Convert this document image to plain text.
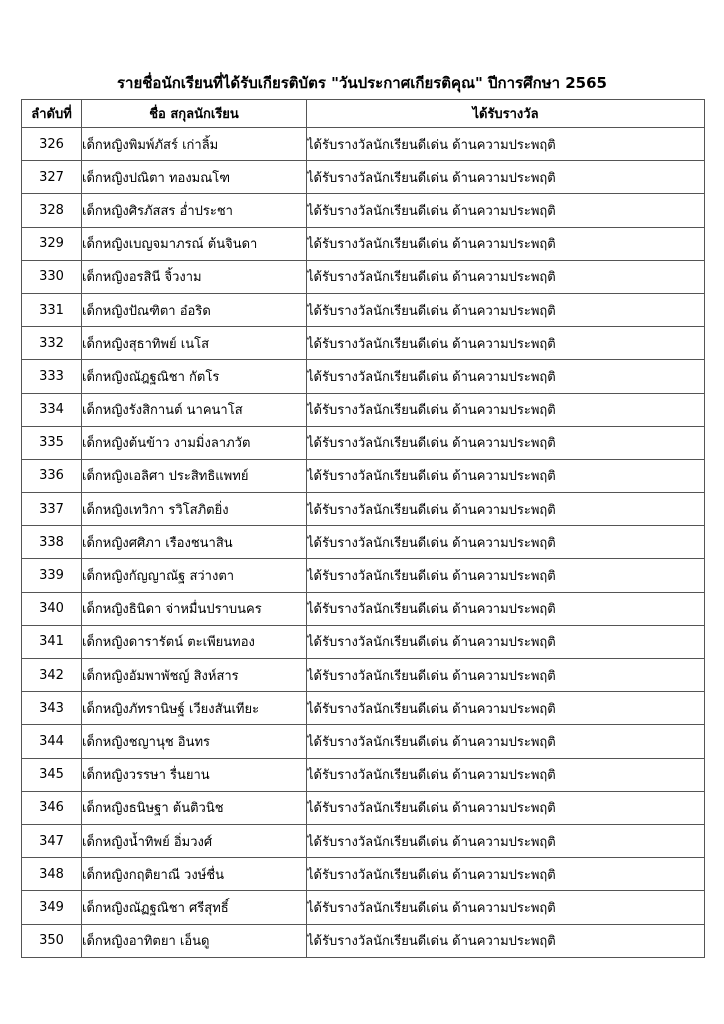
รายชื่อนักเรียนที่ได้รับเกียรติบัตร "วันประกาศเกียรติคุณ" ปีการศึกษา 2565
ลำดับที่	ชื่อ สกุลนักเรียน	ได้รับรางวัล
326	เด็กหญิงพิมพ์ภัสร์ เก่าลิ้ม	ได้รับรางวัลนักเรียนดีเด่น ด้านความประพฤติ
327	เด็กหญิงปณิตา ทองมณโฑ	ได้รับรางวัลนักเรียนดีเด่น ด้านความประพฤติ
328	เด็กหญิงศิรภัสสร อ่ำประชา	ได้รับรางวัลนักเรียนดีเด่น ด้านความประพฤติ
329	เด็กหญิงเบญจมาภรณ์ ต้นจินดา	ได้รับรางวัลนักเรียนดีเด่น ด้านความประพฤติ
330	เด็กหญิงอรสินี จิ้วงาม	ได้รับรางวัลนักเรียนดีเด่น ด้านความประพฤติ
331	เด็กหญิงปัณฑิตา อ๋อริด	ได้รับรางวัลนักเรียนดีเด่น ด้านความประพฤติ
332	เด็กหญิงสุธาทิพย์ เนโส	ได้รับรางวัลนักเรียนดีเด่น ด้านความประพฤติ
333	เด็กหญิงณัฎฐณิชา กัตโร	ได้รับรางวัลนักเรียนดีเด่น ด้านความประพฤติ
334	เด็กหญิงรังสิกานต์ นาคนาโส	ได้รับรางวัลนักเรียนดีเด่น ด้านความประพฤติ
335	เด็กหญิงต้นข้าว งามมิ่งลาภวัต	ได้รับรางวัลนักเรียนดีเด่น ด้านความประพฤติ
336	เด็กหญิงเอลิศา ประสิทธิแพทย์	ได้รับรางวัลนักเรียนดีเด่น ด้านความประพฤติ
337	เด็กหญิงเทวิกา รวิโสภิตยิ่ง	ได้รับรางวัลนักเรียนดีเด่น ด้านความประพฤติ
338	เด็กหญิงศศิภา เรืองชนาสิน	ได้รับรางวัลนักเรียนดีเด่น ด้านความประพฤติ
339	เด็กหญิงกัญญาณัฐ สว่างตา	ได้รับรางวัลนักเรียนดีเด่น ด้านความประพฤติ
340	เด็กหญิงธินิดา จ่าหมื่นปราบนคร	ได้รับรางวัลนักเรียนดีเด่น ด้านความประพฤติ
341	เด็กหญิงดารารัตน์ ตะเพียนทอง	ได้รับรางวัลนักเรียนดีเด่น ด้านความประพฤติ
342	เด็กหญิงอัมพาพัชญ์ สิงห์สาร	ได้รับรางวัลนักเรียนดีเด่น ด้านความประพฤติ
343	เด็กหญิงภัทรานิษฐ์ เวียงสันเทียะ	ได้รับรางวัลนักเรียนดีเด่น ด้านความประพฤติ
344	เด็กหญิงชญานุช อินทร	ได้รับรางวัลนักเรียนดีเด่น ด้านความประพฤติ
345	เด็กหญิงวรรษา รื่นยาน	ได้รับรางวัลนักเรียนดีเด่น ด้านความประพฤติ
346	เด็กหญิงธนิษฐา ต้นติวนิช	ได้รับรางวัลนักเรียนดีเด่น ด้านความประพฤติ
347	เด็กหญิงน้ำทิพย์ อิ่มวงศ์	ได้รับรางวัลนักเรียนดีเด่น ด้านความประพฤติ
348	เด็กหญิงกฤติยาณี วงษ์ชื่น	ได้รับรางวัลนักเรียนดีเด่น ด้านความประพฤติ
349	เด็กหญิงณัฏฐณิชา ศรีสุทธิ์	ได้รับรางวัลนักเรียนดีเด่น ด้านความประพฤติ
350	เด็กหญิงอาทิตยา เอ็นดู	ได้รับรางวัลนักเรียนดีเด่น ด้านความประพฤติ
